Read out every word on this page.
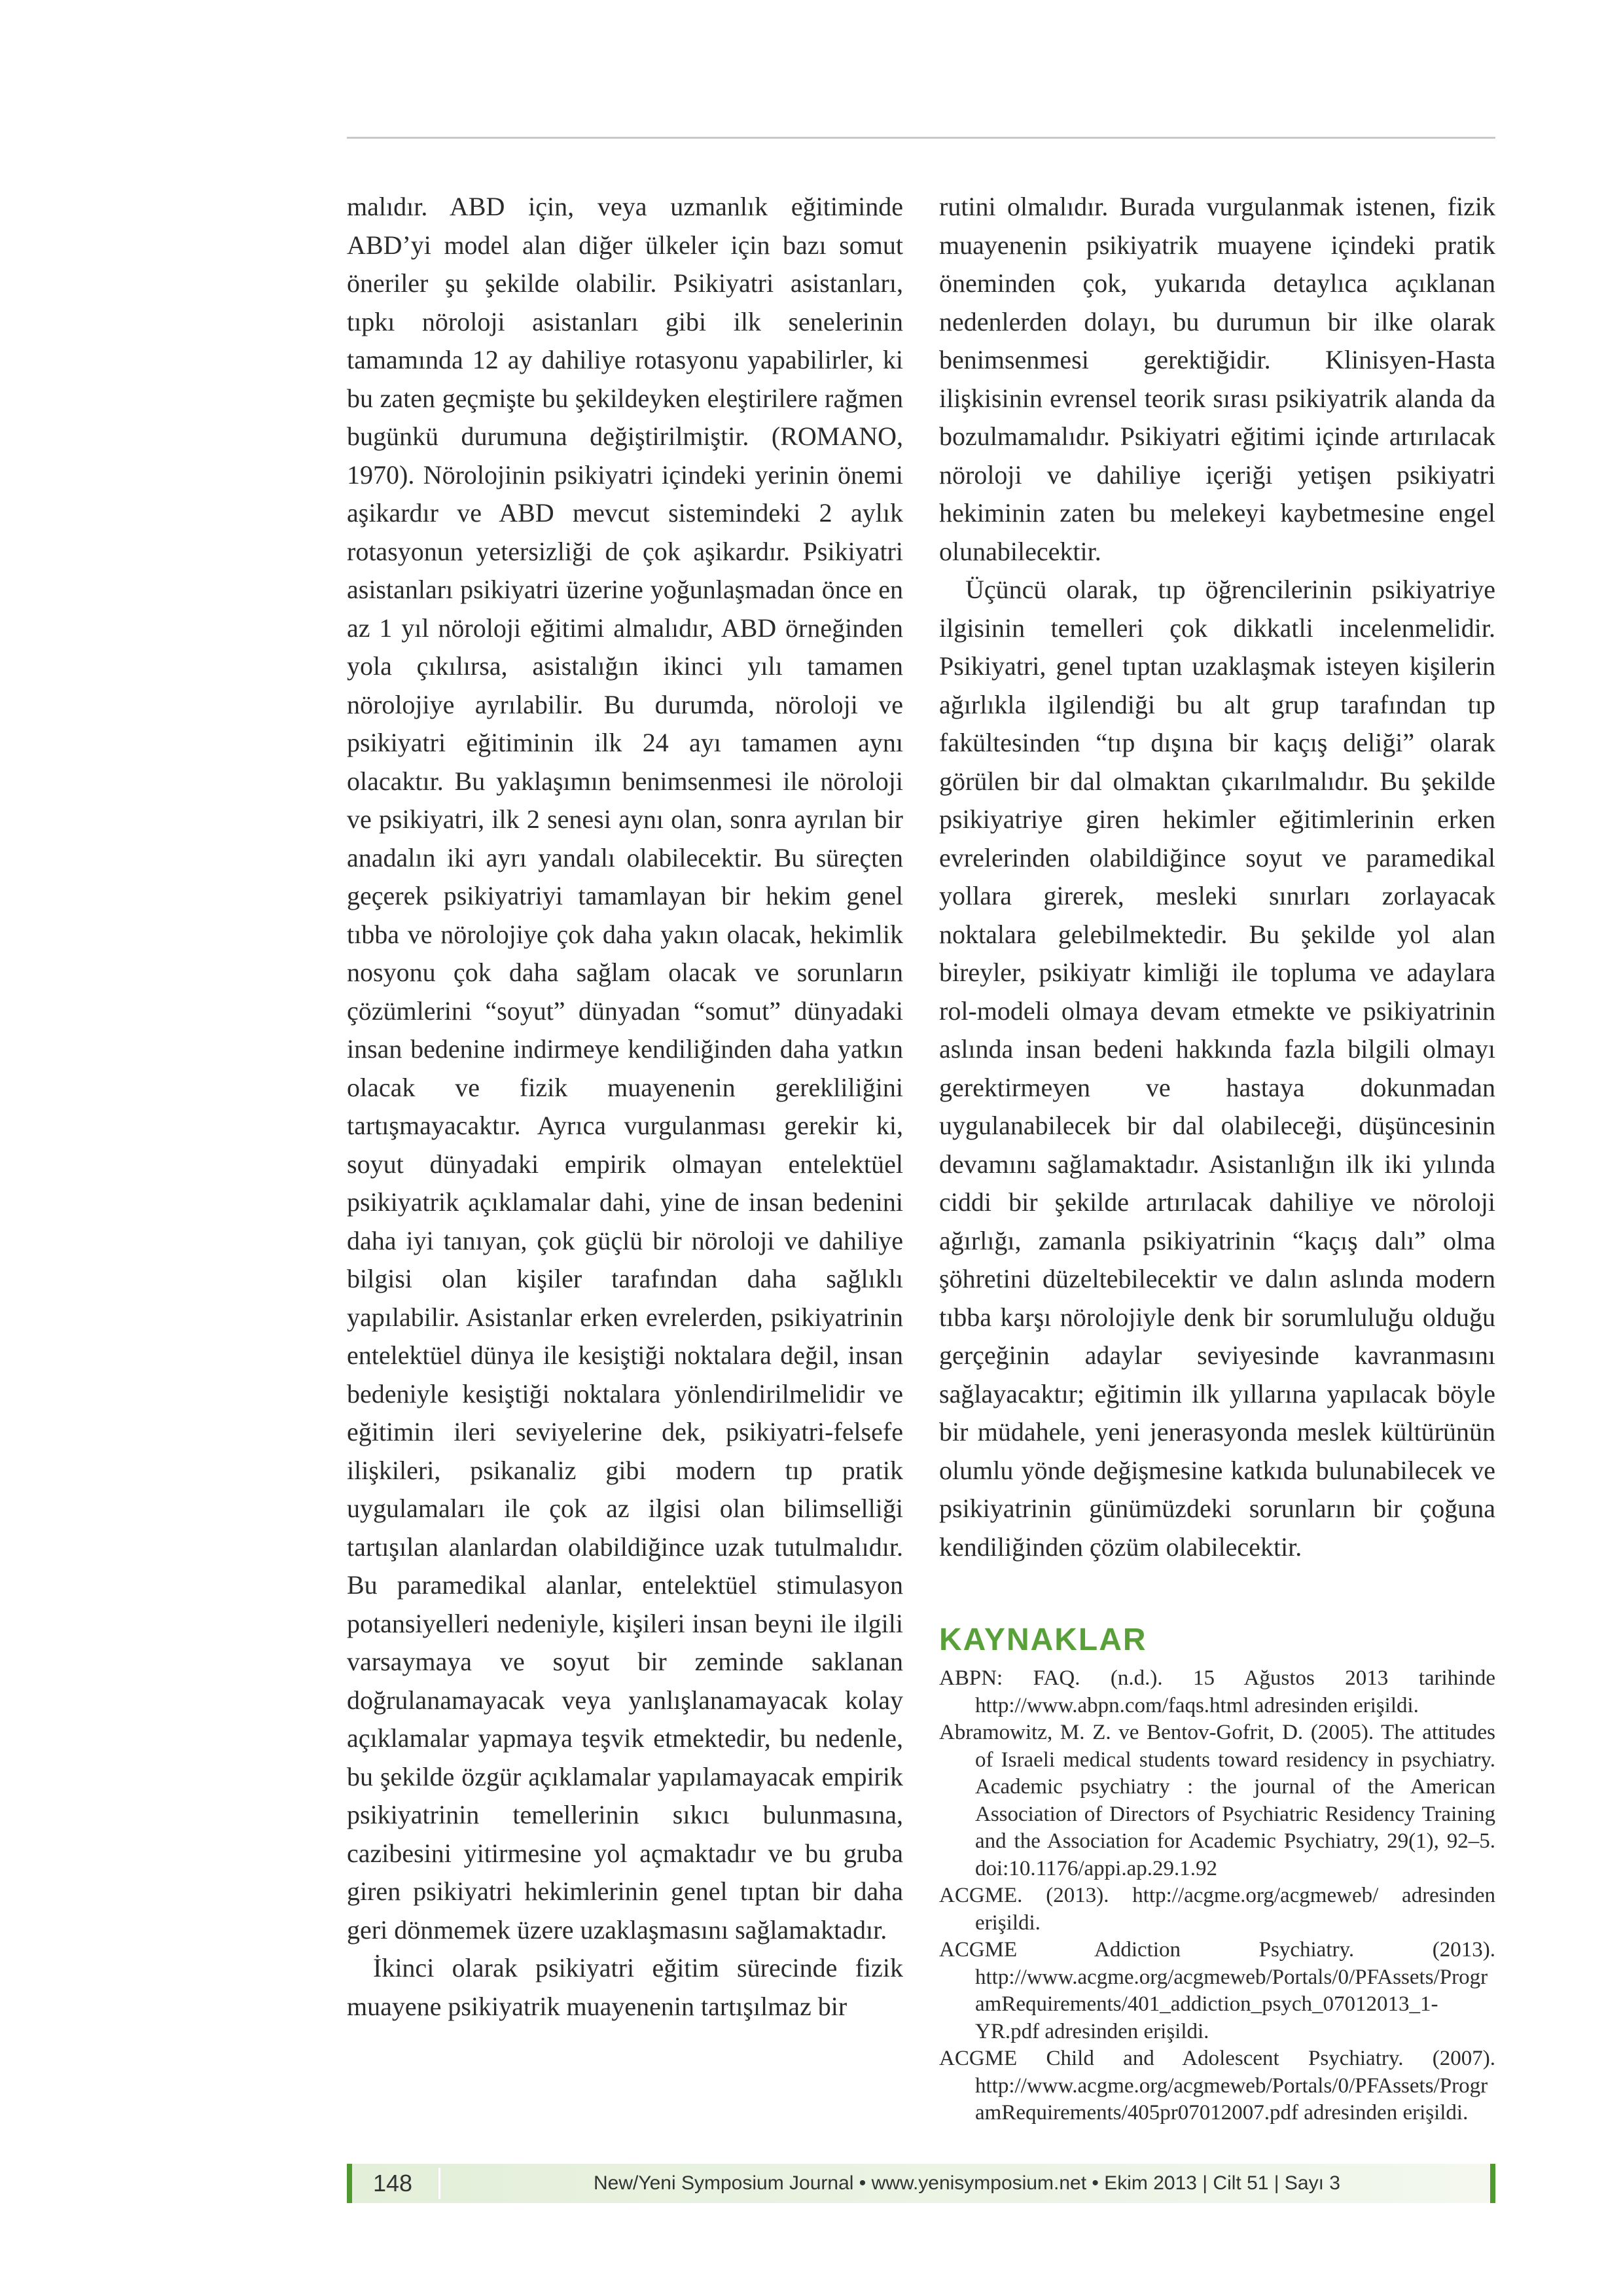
malıdır. ABD için, veya uzmanlık eğitiminde ABD’yi model alan diğer ülkeler için bazı somut öneriler şu şekilde olabilir. Psikiyatri asistanları, tıpkı nöroloji asistanları gibi ilk senelerinin tamamında 12 ay dahiliye rotasyonu yapabilirler, ki bu zaten geçmişte bu şekildeyken eleştirilere rağmen bugünkü durumuna değiştirilmiştir. (ROMANO, 1970). Nörolojinin psikiyatri içindeki yerinin önemi aşikardır ve ABD mevcut sistemindeki 2 aylık rotasyonun yetersizliği de çok aşikardır. Psikiyatri asistanları psikiyatri üzerine yoğunlaşmadan önce en az 1 yıl nöroloji eğitimi almalıdır, ABD örneğinden yola çıkılırsa, asistalığın ikinci yılı tamamen nörolojiye ayrılabilir. Bu durumda, nöroloji ve psikiyatri eğitiminin ilk 24 ayı tamamen aynı olacaktır. Bu yaklaşımın benimsenmesi ile nöroloji ve psikiyatri, ilk 2 senesi aynı olan, sonra ayrılan bir anadalın iki ayrı yandalı olabilecektir. Bu süreçten geçerek psikiyatriyi tamamlayan bir hekim genel tıbba ve nörolojiye çok daha yakın olacak, hekimlik nosyonu çok daha sağlam olacak ve sorunların çözümlerini “soyut” dünyadan “somut” dünyadaki insan bedenine indirmeye kendiliğinden daha yatkın olacak ve fizik muayenenin gerekliliğini tartışmayacaktır. Ayrıca vurgulanması gerekir ki, soyut dünyadaki empirik olmayan entelektüel psikiyatrik açıklamalar dahi, yine de insan bedenini daha iyi tanıyan, çok güçlü bir nöroloji ve dahiliye bilgisi olan kişiler tarafından daha sağlıklı yapılabilir. Asistanlar erken evrelerden, psikiyatrinin entelektüel dünya ile kesiştiği noktalara değil, insan bedeniyle kesiştiği noktalara yönlendirilmelidir ve eğitimin ileri seviyelerine dek, psikiyatri-felsefe ilişkileri, psikanaliz gibi modern tıp pratik uygulamaları ile çok az ilgisi olan bilimselliği tartışılan alanlardan olabildiğince uzak tutulmalıdır. Bu paramedikal alanlar, entelektüel stimulasyon potansiyelleri nedeniyle, kişileri insan beyni ile ilgili varsaymaya ve soyut bir zeminde saklanan doğrulanamayacak veya yanlışlanamayacak kolay açıklamalar yapmaya teşvik etmektedir, bu nedenle, bu şekilde özgür açıklamalar yapılamayacak empirik psikiyatrinin temellerinin sıkıcı bulunmasına, cazibesini yitirmesine yol açmaktadır ve bu gruba giren psikiyatri hekimlerinin genel tıptan bir daha geri dönmemek üzere uzaklaşmasını sağlamaktadır.

İkinci olarak psikiyatri eğitim sürecinde fizik muayene psikiyatrik muayenenin tartışılmaz bir

rutini olmalıdır. Burada vurgulanmak istenen, fizik muayenenin psikiyatrik muayene içindeki pratik öneminden çok, yukarıda detaylıca açıklanan nedenlerden dolayı, bu durumun bir ilke olarak benimsenmesi gerektiğidir. Klinisyen-Hasta ilişkisinin evrensel teorik sırası psikiyatrik alanda da bozulmamalıdır. Psikiyatri eğitimi içinde artırılacak nöroloji ve dahiliye içeriği yetişen psikiyatri hekiminin zaten bu melekeyi kaybetmesine engel olunabilecektir.

Üçüncü olarak, tıp öğrencilerinin psikiyatriye ilgisinin temelleri çok dikkatli incelenmelidir. Psikiyatri, genel tıptan uzaklaşmak isteyen kişilerin ağırlıkla ilgilendiği bu alt grup tarafından tıp fakültesinden “tıp dışına bir kaçış deliği” olarak görülen bir dal olmaktan çıkarılmalıdır. Bu şekilde psikiyatriye giren hekimler eğitimlerinin erken evrelerinden olabildiğince soyut ve paramedikal yollara girerek, mesleki sınırları zorlayacak noktalara gelebilmektedir. Bu şekilde yol alan bireyler, psikiyatr kimliği ile topluma ve adaylara rol-modeli olmaya devam etmekte ve psikiyatrinin aslında insan bedeni hakkında fazla bilgili olmayı gerektirmeyen ve hastaya dokunmadan uygulanabilecek bir dal olabileceği, düşüncesinin devamını sağlamaktadır. Asistanlığın ilk iki yılında ciddi bir şekilde artırılacak dahiliye ve nöroloji ağırlığı, zamanla psikiyatrinin “kaçış dalı” olma şöhretini düzeltebilecektir ve dalın aslında modern tıbba karşı nörolojiyle denk bir sorumluluğu olduğu gerçeğinin adaylar seviyesinde kavranmasını sağlayacaktır; eğitimin ilk yıllarına yapılacak böyle bir müdahele, yeni jenerasyonda meslek kültürünün olumlu yönde değişmesine katkıda bulunabilecek ve psikiyatrinin günümüzdeki sorunların bir çoğuna kendiliğinden çözüm olabilecektir.

KAYNAKLAR

ABPN: FAQ. (n.d.). 15 Ağustos 2013 tarihinde http://www.abpn.com/faqs.html adresinden erişildi.

Abramowitz, M. Z. ve Bentov-Gofrit, D. (2005). The attitudes of Israeli medical students toward residency in psychiatry. Academic psychiatry : the journal of the American Association of Directors of Psychiatric Residency Training and the Association for Academic Psychiatry, 29(1), 92–5. doi:10.1176/appi.ap.29.1.92

ACGME. (2013). http://acgme.org/acgmeweb/ adresinden erişildi.

ACGME Addiction Psychiatry. (2013). http://www.acgme.org/acgmeweb/Portals/0/PFAssets/ProgramRequirements/401_addiction_psych_07012013_1-YR.pdf adresinden erişildi.

ACGME Child and Adolescent Psychiatry. (2007). http://www.acgme.org/acgmeweb/Portals/0/PFAssets/ProgramRequirements/405pr07012007.pdf adresinden erişildi.

148	New/Yeni Symposium Journal • www.yenisymposium.net • Ekim 2013 | Cilt 51 | Sayı 3
